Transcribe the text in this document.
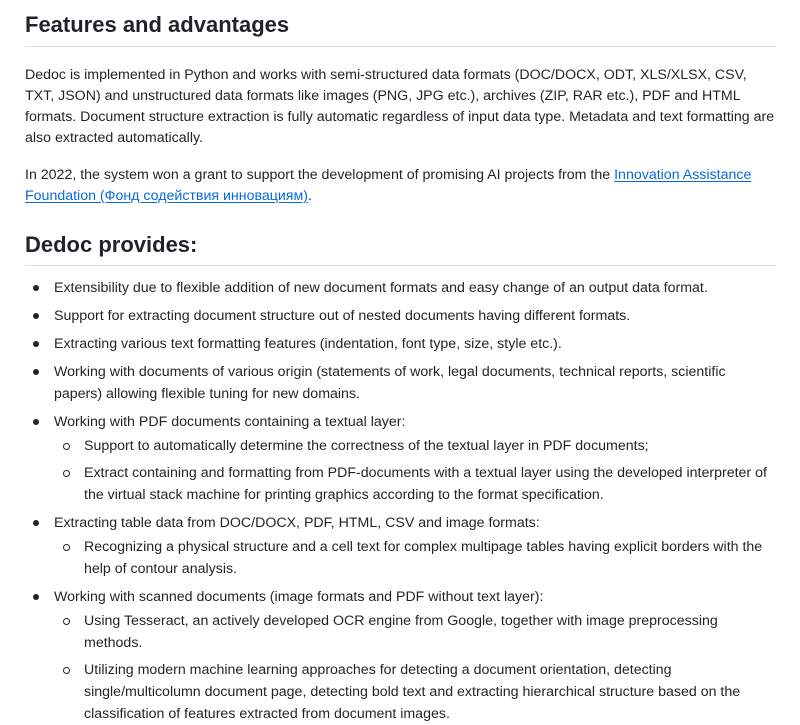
Features and advantages

Dedoc is implemented in Python and works with semi-structured data formats (DOC/DOCX, ODT, XLS/XLSX, CSV, TXT, JSON) and unstructured data formats like images (PNG, JPG etc.), archives (ZIP, RAR etc.), PDF and HTML formats. Document structure extraction is fully automatic regardless of input data type. Metadata and text formatting are also extracted automatically.

In 2022, the system won a grant to support the development of promising AI projects from the Innovation Assistance Foundation (Фонд содействия инновациям).

Dedoc provides:
Extensibility due to flexible addition of new document formats and easy change of an output data format.
Support for extracting document structure out of nested documents having different formats.
Extracting various text formatting features (indentation, font type, size, style etc.).
Working with documents of various origin (statements of work, legal documents, technical reports, scientific papers) allowing flexible tuning for new domains.
Working with PDF documents containing a textual layer:
Support to automatically determine the correctness of the textual layer in PDF documents;
Extract containing and formatting from PDF-documents with a textual layer using the developed interpreter of the virtual stack machine for printing graphics according to the format specification.
Extracting table data from DOC/DOCX, PDF, HTML, CSV and image formats:
Recognizing a physical structure and a cell text for complex multipage tables having explicit borders with the help of contour analysis.
Working with scanned documents (image formats and PDF without text layer):
Using Tesseract, an actively developed OCR engine from Google, together with image preprocessing methods.
Utilizing modern machine learning approaches for detecting a document orientation, detecting single/multicolumn document page, detecting bold text and extracting hierarchical structure based on the classification of features extracted from document images.
